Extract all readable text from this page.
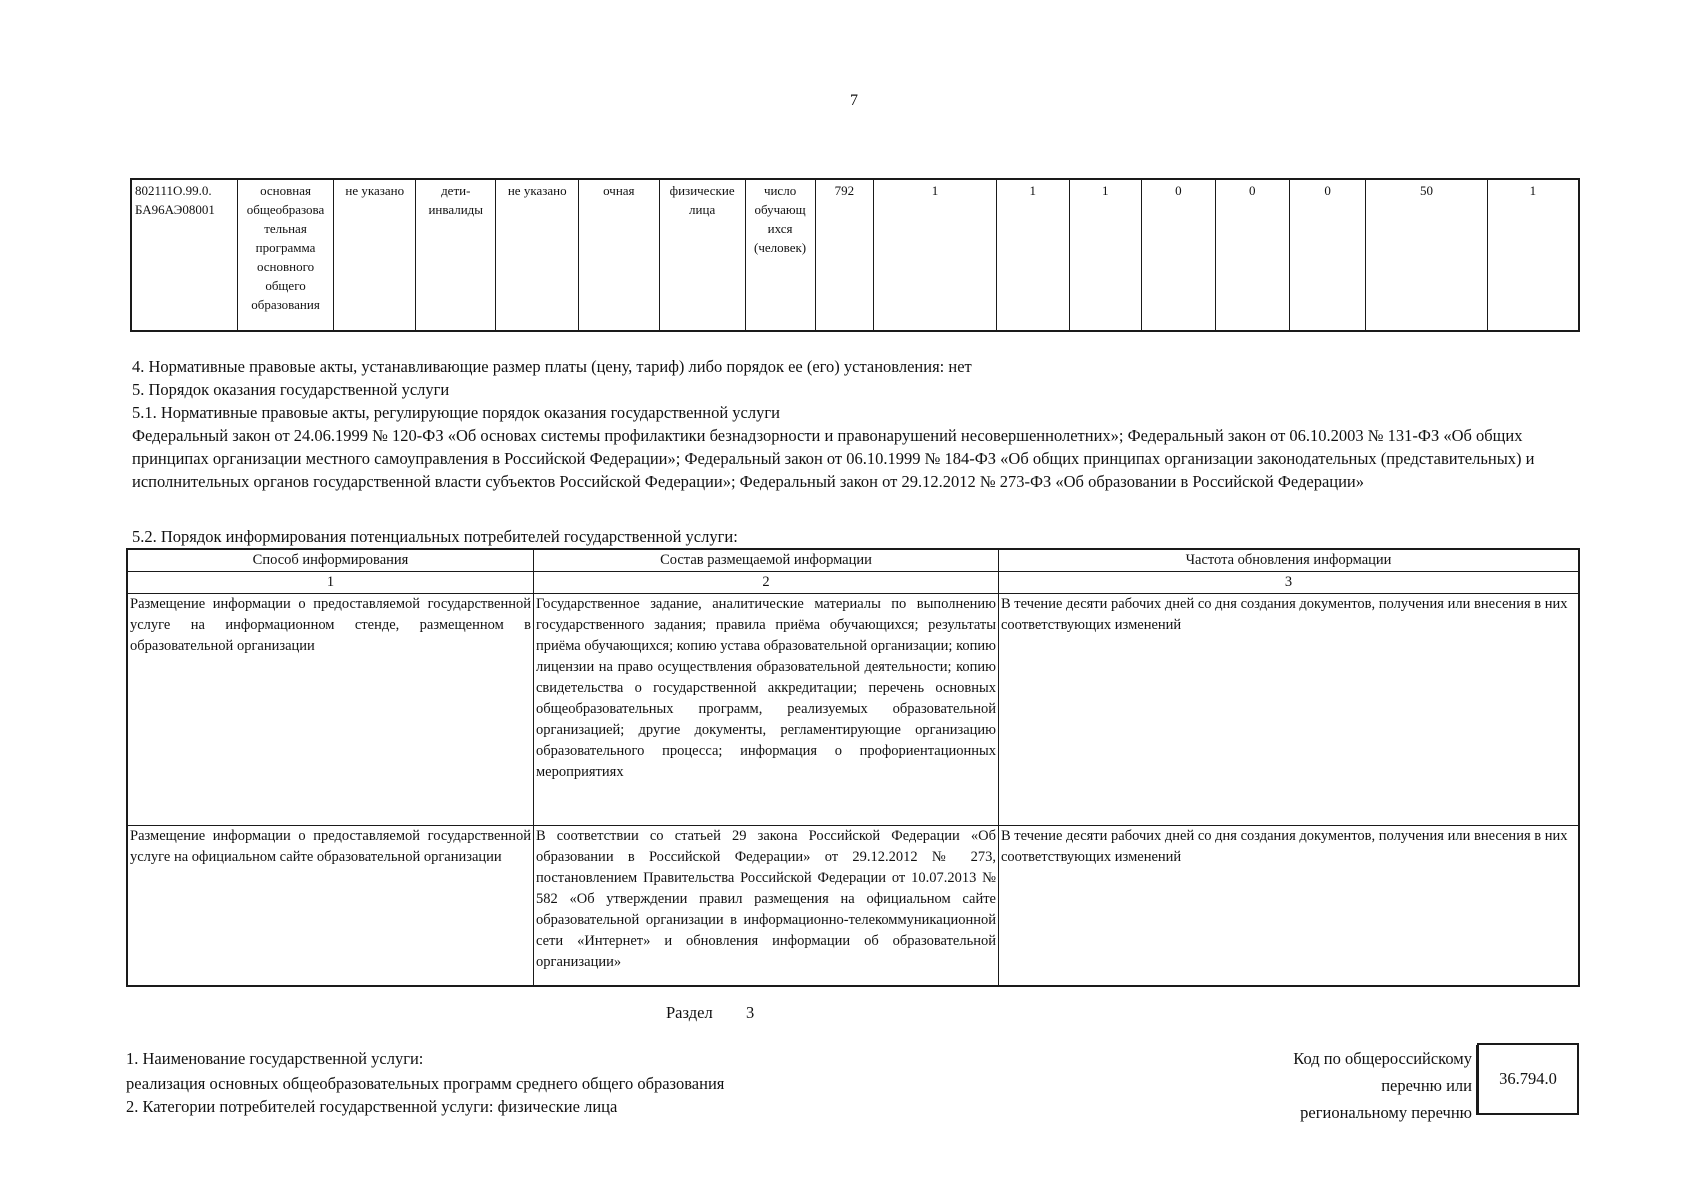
7
802111O.99.0.
БА96АЭ08001	основная
общеобразова
тельная
программа
основного
общего
образования	не указано	дети-
инвалиды	не указано	очная	физические
лица	число
обучающ
ихся
(человек)	792	1	1	1	0	0	0	50	1
4. Нормативные правовые акты, устанавливающие размер платы (цену, тариф) либо порядок ее (его) установления: нет
5. Порядок оказания государственной услуги
5.1. Нормативные правовые акты, регулирующие порядок оказания государственной услуги
Федеральный закон от 24.06.1999 № 120-ФЗ «Об основах системы профилактики безнадзорности и правонарушений несовершеннолетних»; Федеральный закон от 06.10.2003 № 131-ФЗ «Об общих принципах организации местного самоуправления в Российской Федерации»; Федеральный закон от 06.10.1999 № 184-ФЗ «Об общих принципах организации законодательных (представительных) и исполнительных органов государственной власти субъектов Российской Федерации»; Федеральный закон от 29.12.2012 № 273-ФЗ «Об образовании в Российской Федерации»
5.2. Порядок информирования потенциальных потребителей государственной услуги:
Способ информирования	Состав размещаемой информации	Частота обновления информации
1	2	3
Размещение информации о предоставляемой государственной услуге на информационном стенде, размещенном в образовательной организации	Государственное задание, аналитические материалы по выполнению государственного задания; правила приёма обучающихся; результаты приёма обучающихся; копию устава образовательной организации; копию лицензии на право осуществления образовательной деятельности; копию свидетельства о государственной аккредитации; перечень основных общеобразовательных программ, реализуемых образовательной организацией; другие документы, регламентирующие организацию образовательного процесса; информация о профориентационных мероприятиях	В течение десяти рабочих дней со дня создания документов, получения или внесения в них соответствующих изменений
Размещение информации о предоставляемой государственной услуге на официальном сайте образовательной организации	В соответствии со статьей 29 закона Российской Федерации «Об образовании в Российской Федерации» от 29.12.2012 № 273, постановлением Правительства Российской Федерации от 10.07.2013 № 582 «Об утверждении правил размещения на официальном сайте образовательной организации в информационно-телекоммуникационной сети «Интернет» и обновления информации об образовательной организации»	В течение десяти рабочих дней со дня создания документов, получения или внесения в них соответствующих изменений
Раздел 3
1. Наименование государственной услуги:
реализация основных общеобразовательных программ среднего общего образования
2. Категории потребителей государственной услуги: физические лица
Код по общероссийскому
перечню или
региональному перечню
36.794.0
